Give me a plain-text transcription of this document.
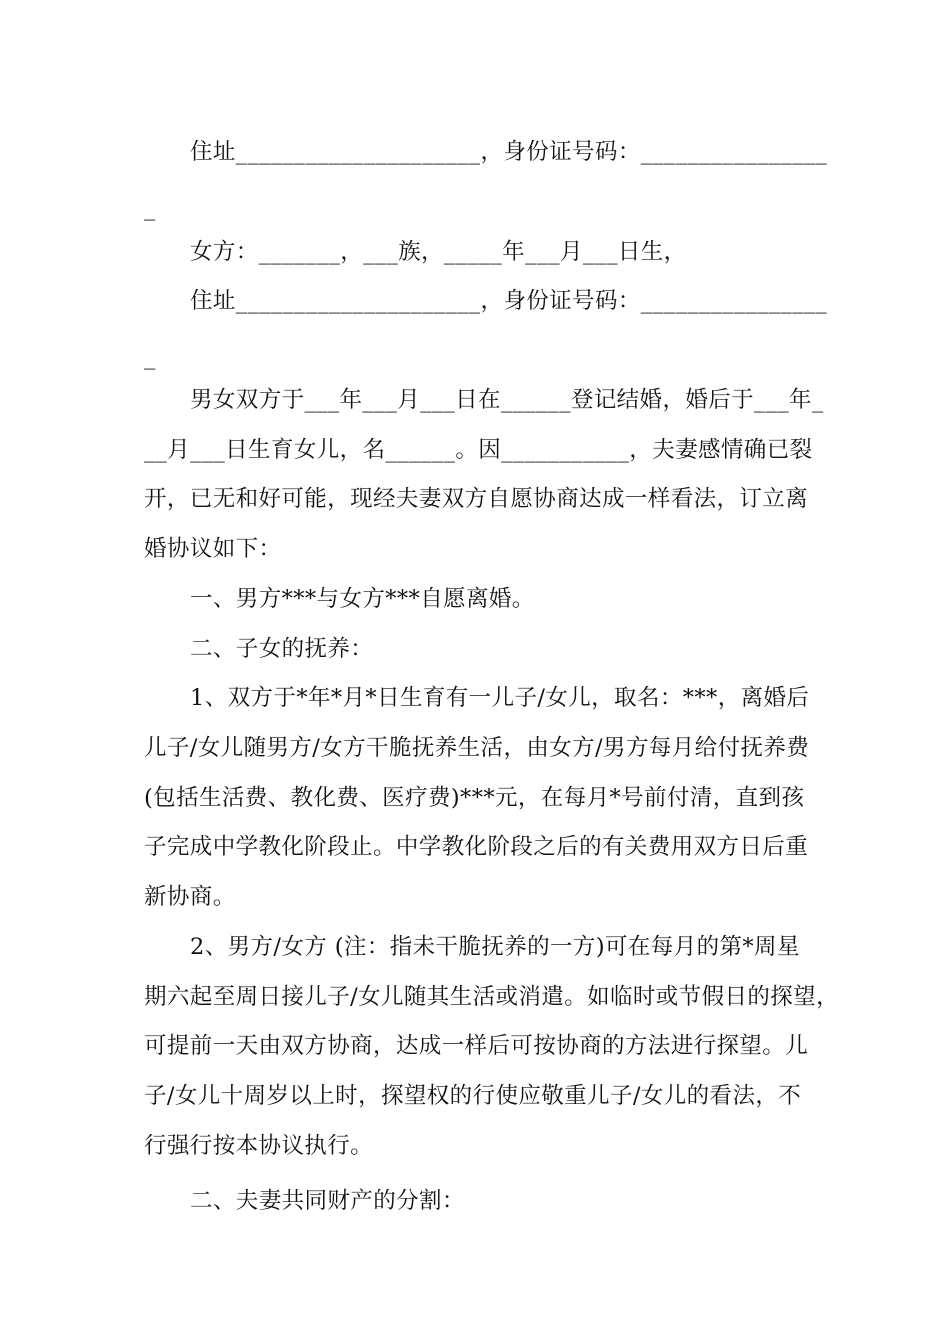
住址_____________________，身份证号码：________________
_
女方：_______，___族，_____年___月___日生，
住址_____________________，身份证号码：________________
_
男女双方于___年___月___日在______登记结婚，婚后于___年_
__月___日生育女儿，名______。因___________，夫妻感情确已裂
开，已无和好可能，现经夫妻双方自愿协商达成一样看法，订立离
婚协议如下：
一、男方***与女方***自愿离婚。
二、子女的抚养：
1、双方于*年*月*日生育有一儿子/女儿，取名：***，离婚后
儿子/女儿随男方/女方干脆抚养生活，由女方/男方每月给付抚养费
(包括生活费、教化费、医疗费)***元，在每月*号前付清，直到孩
子完成中学教化阶段止。中学教化阶段之后的有关费用双方日后重
新协商。
2、男方/女方 (注：指未干脆抚养的一方)可在每月的第*周星
期六起至周日接儿子/女儿随其生活或消遣。如临时或节假日的探望，
可提前一天由双方协商，达成一样后可按协商的方法进行探望。儿
子/女儿十周岁以上时，探望权的行使应敬重儿子/女儿的看法，不
行强行按本协议执行。
二、夫妻共同财产的分割：
